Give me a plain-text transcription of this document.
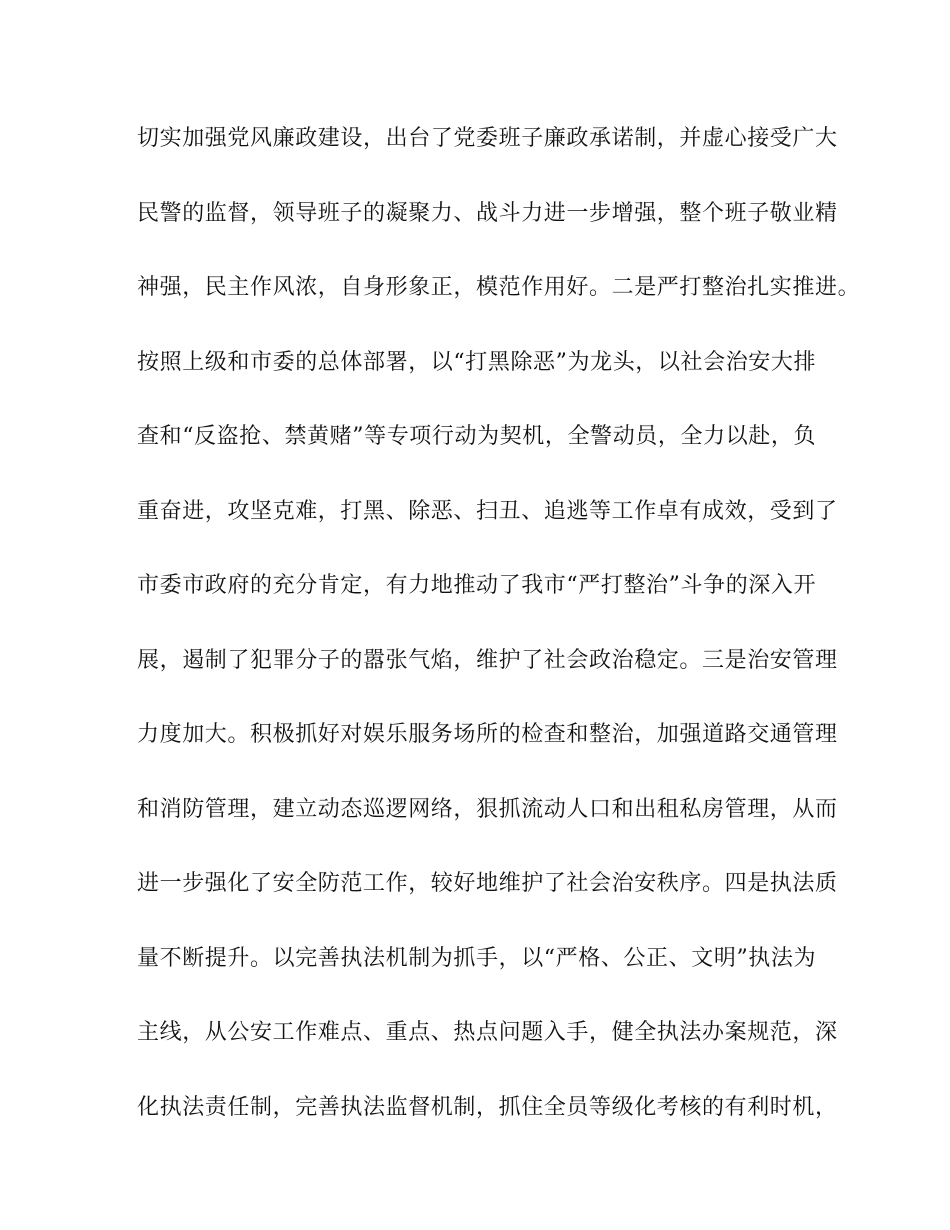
切实加强党风廉政建设，出台了党委班子廉政承诺制，并虚心接受广大
民警的监督，领导班子的凝聚力、战斗力进一步增强，整个班子敬业精
神强，民主作风浓，自身形象正，模范作用好。二是严打整治扎实推进。
按照上级和市委的总体部署，以“打黑除恶”为龙头，以社会治安大排
查和“反盗抢、禁黄赌”等专项行动为契机，全警动员，全力以赴，负
重奋进，攻坚克难，打黑、除恶、扫丑、追逃等工作卓有成效，受到了
市委市政府的充分肯定，有力地推动了我市“严打整治”斗争的深入开
展，遏制了犯罪分子的嚣张气焰，维护了社会政治稳定。三是治安管理
力度加大。积极抓好对娱乐服务场所的检查和整治，加强道路交通管理
和消防管理，建立动态巡逻网络，狠抓流动人口和出租私房管理，从而
进一步强化了安全防范工作，较好地维护了社会治安秩序。四是执法质
量不断提升。以完善执法机制为抓手，以“严格、公正、文明”执法为
主线，从公安工作难点、重点、热点问题入手，健全执法办案规范，深
化执法责任制，完善执法监督机制，抓住全员等级化考核的有利时机，
